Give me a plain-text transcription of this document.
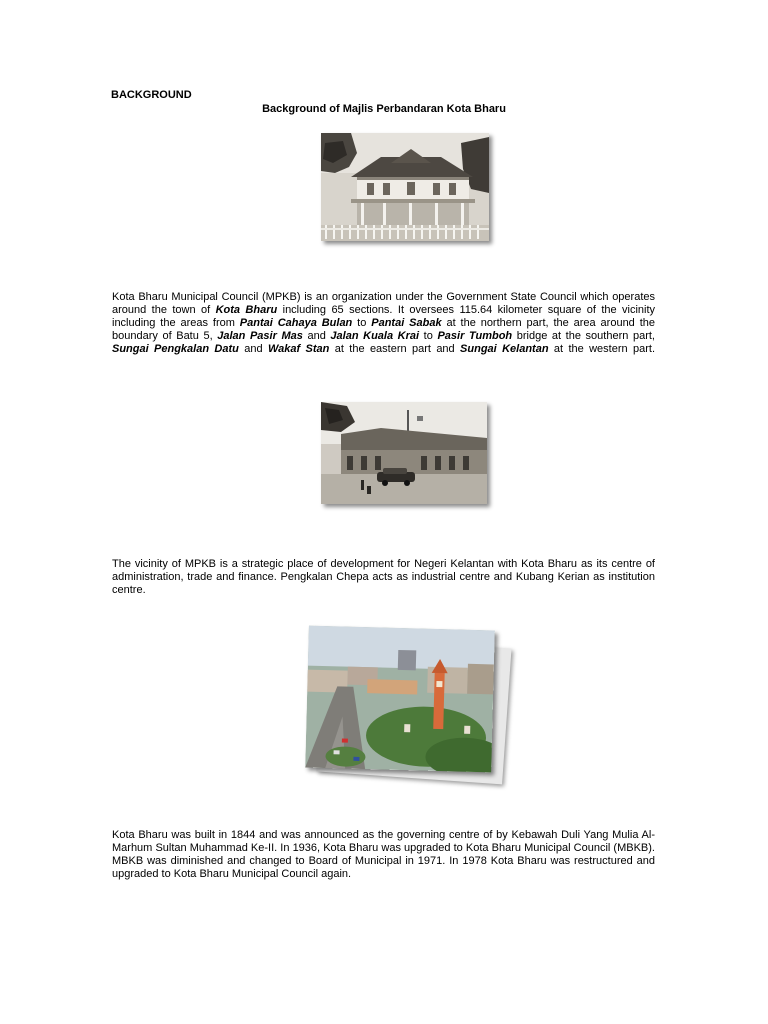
BACKGROUND
Background of Majlis Perbandaran Kota Bharu
Kota Bharu Municipal Council (MPKB) is an organization under the Government State Council which operates around the town of Kota Bharu including 65 sections. It oversees 115.64 kilometer square of the vicinity including the areas from Pantai Cahaya Bulan to Pantai Sabak at the northern part, the area around the boundary of Batu 5, Jalan Pasir Mas and Jalan Kuala Krai to Pasir Tumboh bridge at the southern part, Sungai Pengkalan Datu and Wakaf Stan at the eastern part and Sungai Kelantan at the western part.
The vicinity of MPKB is a strategic place of development for Negeri Kelantan with Kota Bharu as its centre of administration, trade and finance. Pengkalan Chepa acts as industrial centre and Kubang Kerian as institution centre.
Kota Bharu was built in 1844 and was announced as the governing centre of by Kebawah Duli Yang Mulia Al-Marhum Sultan Muhammad Ke-II. In 1936, Kota Bharu was upgraded to Kota Bharu Municipal Council (MBKB). MBKB was diminished and changed to Board of Municipal in 1971. In 1978 Kota Bharu was restructured and upgraded to Kota Bharu Municipal Council again.
